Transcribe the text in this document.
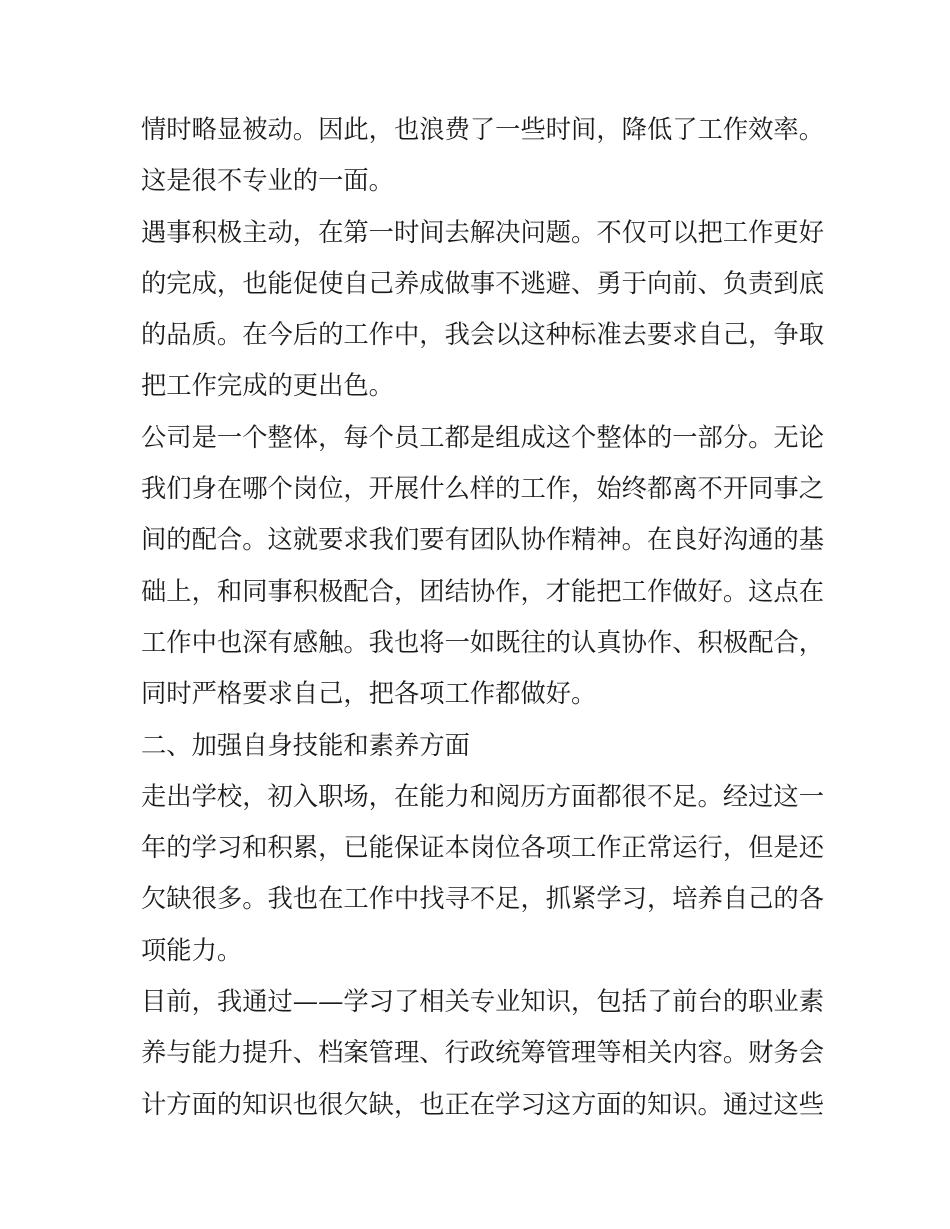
情时略显被动。因此，也浪费了一些时间，降低了工作效率。
这是很不专业的一面。
遇事积极主动，在第一时间去解决问题。不仅可以把工作更好
的完成，也能促使自己养成做事不逃避、勇于向前、负责到底
的品质。在今后的工作中，我会以这种标准去要求自己，争取
把工作完成的更出色。
公司是一个整体，每个员工都是组成这个整体的一部分。无论
我们身在哪个岗位，开展什么样的工作，始终都离不开同事之
间的配合。这就要求我们要有团队协作精神。在良好沟通的基
础上，和同事积极配合，团结协作，才能把工作做好。这点在
工作中也深有感触。我也将一如既往的认真协作、积极配合，
同时严格要求自己，把各项工作都做好。
二、加强自身技能和素养方面
走出学校，初入职场，在能力和阅历方面都很不足。经过这一
年的学习和积累，已能保证本岗位各项工作正常运行，但是还
欠缺很多。我也在工作中找寻不足，抓紧学习，培养自己的各
项能力。
目前，我通过——学习了相关专业知识，包括了前台的职业素
养与能力提升、档案管理、行政统筹管理等相关内容。财务会
计方面的知识也很欠缺，也正在学习这方面的知识。通过这些
